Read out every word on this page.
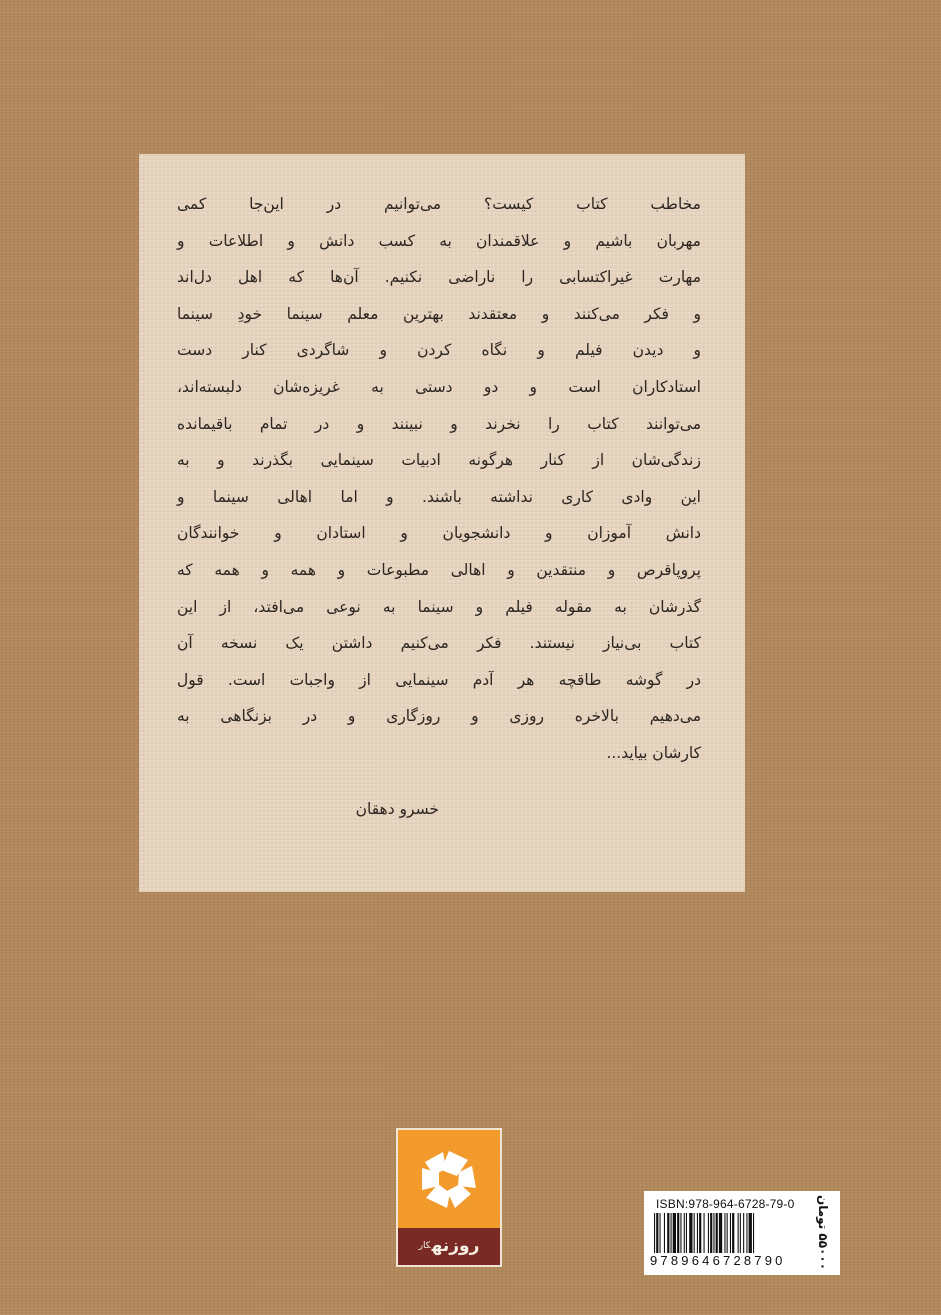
مخاطب کتاب کیست؟ می‌توانیم در این‌جا کمی
مهربان باشیم و علاقمندان به کسب دانش و اطلاعات و
مهارت غیراکتسابی را ناراضی نکنیم. آن‌ها که اهل دل‌اند
و فکر می‌کنند و معتقدند بهترین معلم سینما خودِ سینما
و دیدن فیلم و نگاه کردن و شاگردی کنار دست
استادکاران است و دو دستی به غریزه‌شان دلبسته‌اند،
می‌توانند کتاب را نخرند و نبینند و در تمام باقیمانده
زندگی‌شان از کنار هرگونه ادبیات سینمایی بگذرند و به
این وادی کاری نداشته باشند. و اما اهالی سینما و
دانش آموزان و دانشجویان و استادان و خوانندگان
پروپاقرص و منتقدین و اهالی مطبوعات و همه و همه که
گذرشان به مقوله فیلم و سینما به نوعی می‌افتد، از این
کتاب بی‌نیاز نیستند. فکر می‌کنیم داشتن یک نسخه آن
در گوشه طاقچه هر آدم سینمایی از واجبات است. قول
می‌دهیم بالاخره روزی و روزگاری و در بزنگاهی به
کارشان بیاید...
خسرو دهقان
روزنه$^{کار}$
ISBN:978-964-6728-79-0
9789646728790
۵۵۰۰۰ تومان
